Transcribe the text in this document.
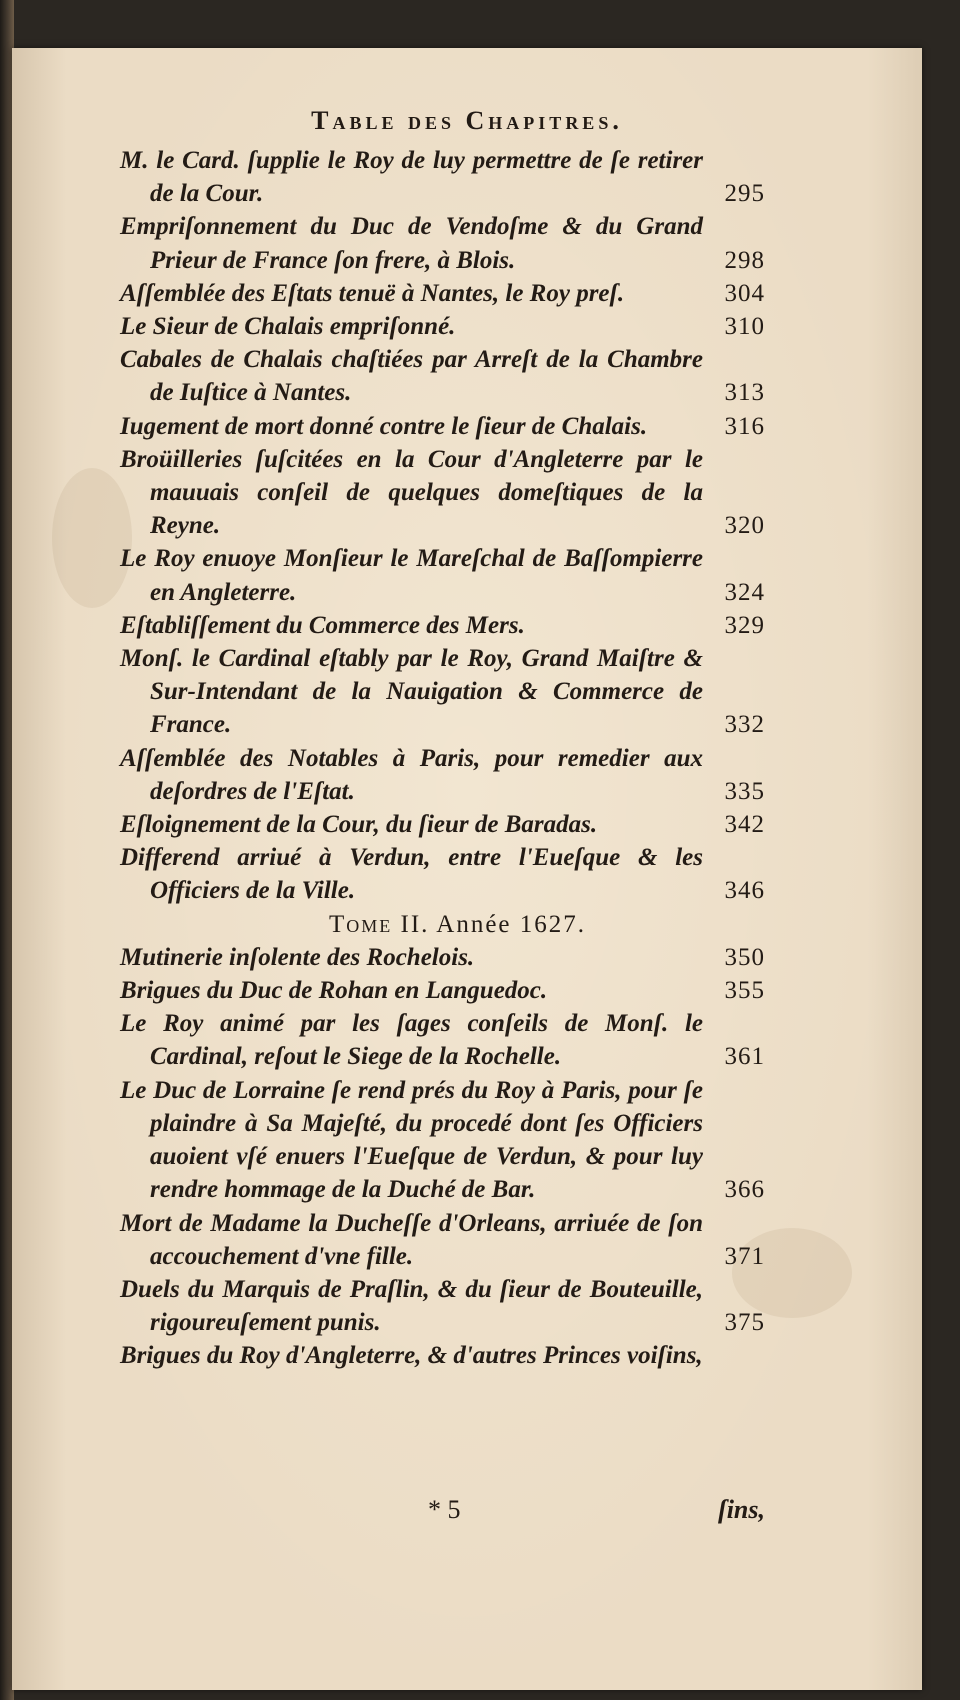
Table des Chapitres.
M. le Card. ſupplie le Roy de luy permettre de ſe retirer de la Cour.	295
Empriſonnement du Duc de Vendoſme & du Grand Prieur de France ſon frere, à Blois.	298
Aſſemblée des Eſtats tenuë à Nantes, le Roy preſ.	304
Le Sieur de Chalais empriſonné.	310
Cabales de Chalais chaſtiées par Arreſt de la Chambre de Iuſtice à Nantes.	313
Iugement de mort donné contre le ſieur de Chalais.	316
Broüilleries ſuſcitées en la Cour d'Angleterre par le mauuais conſeil de quelques domeſtiques de la Reyne.	320
Le Roy enuoye Monſieur le Mareſchal de Baſſompierre en Angleterre.	324
Eſtabliſſement du Commerce des Mers.	329
Monſ. le Cardinal eſtably par le Roy, Grand Maiſtre & Sur-Intendant de la Nauigation & Commerce de France.	332
Aſſemblée des Notables à Paris, pour remedier aux deſordres de l'Eſtat.	335
Eſloignement de la Cour, du ſieur de Baradas.	342
Differend arriué à Verdun, entre l'Eueſque & les Officiers de la Ville.	346
Tome II. Année 1627.
Mutinerie inſolente des Rochelois.	350
Brigues du Duc de Rohan en Languedoc.	355
Le Roy animé par les ſages conſeils de Monſ. le Cardinal, reſout le Siege de la Rochelle.	361
Le Duc de Lorraine ſe rend prés du Roy à Paris, pour ſe plaindre à Sa Majeſté, du procedé dont ſes Officiers auoient vſé enuers l'Eueſque de Verdun, & pour luy rendre hommage de la Duché de Bar.	366
Mort de Madame la Ducheſſe d'Orleans, arriuée de ſon accouchement d'vne fille.	371
Duels du Marquis de Praſlin, & du ſieur de Bouteuille, rigoureuſement punis.	375
Brigues du Roy d'Angleterre, & d'autres Princes voiſins,
* 5	ſins,
